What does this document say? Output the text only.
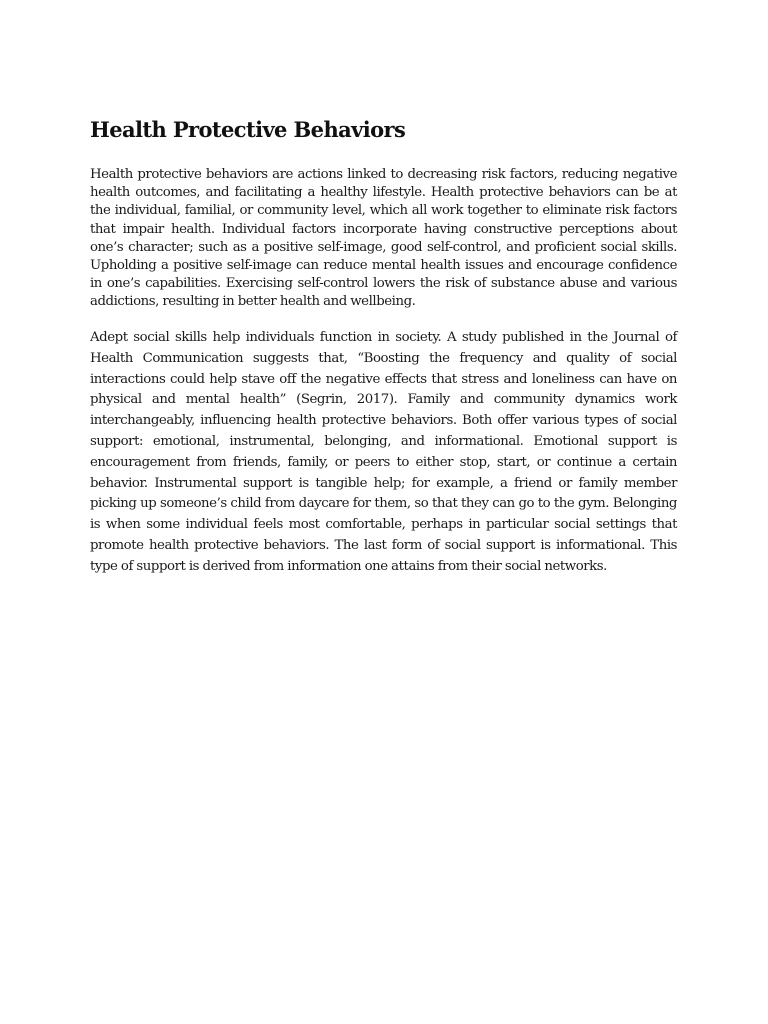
Health Protective Behaviors

Health protective behaviors are actions linked to decreasing risk factors, reducing negative health outcomes, and facilitating a healthy lifestyle. Health protective behaviors can be at the individual, familial, or community level, which all work together to eliminate risk factors that impair health. Individual factors incorporate having constructive perceptions about one’s character; such as a positive self-image, good self-control, and proficient social skills. Upholding a positive self-image can reduce mental health issues and encourage confidence in one’s capabilities. Exercising self-control lowers the risk of substance abuse and various addictions, resulting in better health and wellbeing.

Adept social skills help individuals function in society. A study published in the Journal of Health Communication suggests that, “Boosting the frequency and quality of social interactions could help stave off the negative effects that stress and loneliness can have on physical and mental health” (Segrin, 2017). Family and community dynamics work interchangeably, influencing health protective behaviors. Both offer various types of social support: emotional, instrumental, belonging, and informational. Emotional support is encouragement from friends, family, or peers to either stop, start, or continue a certain behavior. Instrumental support is tangible help; for example, a friend or family member picking up someone’s child from daycare for them, so that they can go to the gym. Belonging is when some individual feels most comfortable, perhaps in particular social settings that promote health protective behaviors. The last form of social support is informational. This type of support is derived from information one attains from their social networks.
